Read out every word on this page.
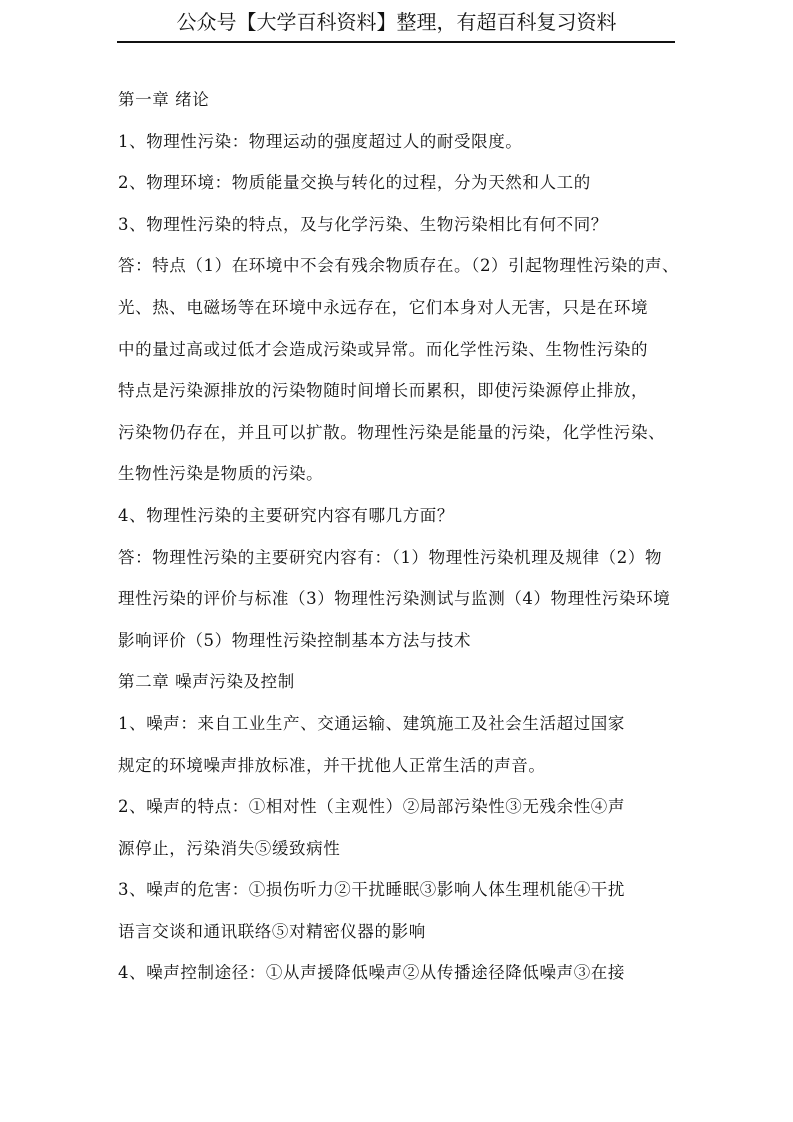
公众号【大学百科资料】整理，有超百科复习资料
第一章 绪论
1、物理性污染：物理运动的强度超过人的耐受限度。
2、物理环境：物质能量交换与转化的过程，分为天然和人工的
3、物理性污染的特点，及与化学污染、生物污染相比有何不同？
答：特点（1）在环境中不会有残余物质存在。（2）引起物理性污染的声、
光、热、电磁场等在环境中永远存在，它们本身对人无害，只是在环境
中的量过高或过低才会造成污染或异常。而化学性污染、生物性污染的
特点是污染源排放的污染物随时间增长而累积，即使污染源停止排放，
污染物仍存在，并且可以扩散。物理性污染是能量的污染，化学性污染、
生物性污染是物质的污染。
4、物理性污染的主要研究内容有哪几方面？
答：物理性污染的主要研究内容有：（1）物理性污染机理及规律（2）物
理性污染的评价与标准（3）物理性污染测试与监测（4）物理性污染环境
影响评价（5）物理性污染控制基本方法与技术
第二章 噪声污染及控制
1、噪声：来自工业生产、交通运输、建筑施工及社会生活超过国家
规定的环境噪声排放标准，并干扰他人正常生活的声音。
2、噪声的特点：①相对性（主观性）②局部污染性③无残余性④声
源停止，污染消失⑤缓致病性
3、噪声的危害：①损伤听力②干扰睡眠③影响人体生理机能④干扰
语言交谈和通讯联络⑤对精密仪器的影响
4、噪声控制途径：①从声援降低噪声②从传播途径降低噪声③在接
